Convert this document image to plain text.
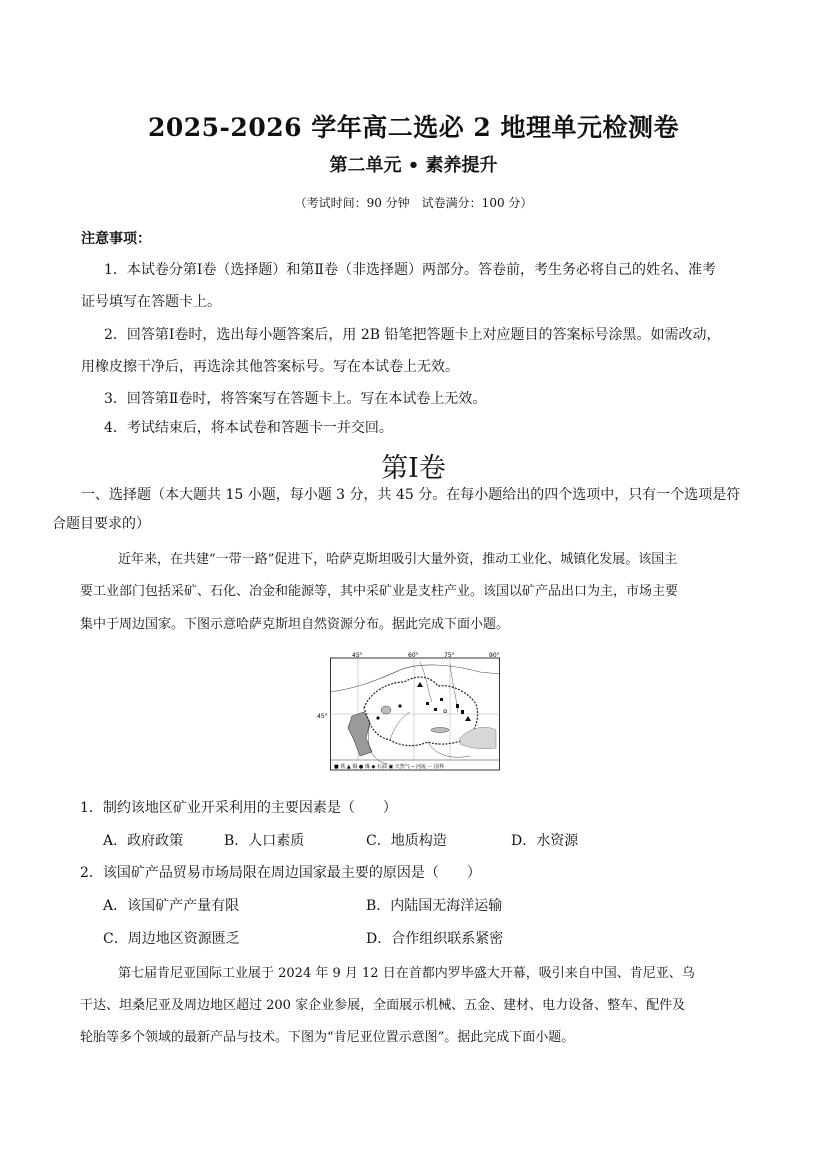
2025-2026 学年高二选必 2 地理单元检测卷
第二单元 • 素养提升
（考试时间：90 分钟　试卷满分：100 分）
注意事项：
1．本试卷分第Ⅰ卷（选择题）和第Ⅱ卷（非选择题）两部分。答卷前，考生务必将自己的姓名、准考
证号填写在答题卡上。
2．回答第Ⅰ卷时，选出每小题答案后，用 2B 铅笔把答题卡上对应题目的答案标号涂黑。如需改动，
用橡皮擦干净后，再选涂其他答案标号。写在本试卷上无效。
3．回答第Ⅱ卷时，将答案写在答题卡上。写在本试卷上无效。
4．考试结束后，将本试卷和答题卡一并交回。
第Ⅰ卷
一、选择题（本大题共 15 小题，每小题 3 分，共 45 分。在每小题给出的四个选项中，只有一个选项是符
合题目要求的）
近年来，在共建“一带一路”促进下，哈萨克斯坦吸引大量外资，推动工业化、城镇化发展。该国主
要工业部门包括采矿、石化、冶金和能源等，其中采矿业是支柱产业。该国以矿产品出口为主，市场主要
集中于周边国家。下图示意哈萨克斯坦自然资源分布。据此完成下面小题。
45°	60°	75°	90°
45°
■ 铁 ▲ 铜 ● 煤 ◆ 石油 ▣ 天然气 ─ 河流 ··· 国界
1．制约该地区矿业开采利用的主要因素是（　　）
A．政府政策	B．人口素质	C．地质构造	D．水资源
2．该国矿产品贸易市场局限在周边国家最主要的原因是（　　）
A．该国矿产产量有限	B．内陆国无海洋运输
C．周边地区资源匮乏	D．合作组织联系紧密
第七届肯尼亚国际工业展于 2024 年 9 月 12 日在首都内罗毕盛大开幕，吸引来自中国、肯尼亚、乌
干达、坦桑尼亚及周边地区超过 200 家企业参展，全面展示机械、五金、建材、电力设备、整车、配件及
轮胎等多个领域的最新产品与技术。下图为“肯尼亚位置示意图”。据此完成下面小题。
